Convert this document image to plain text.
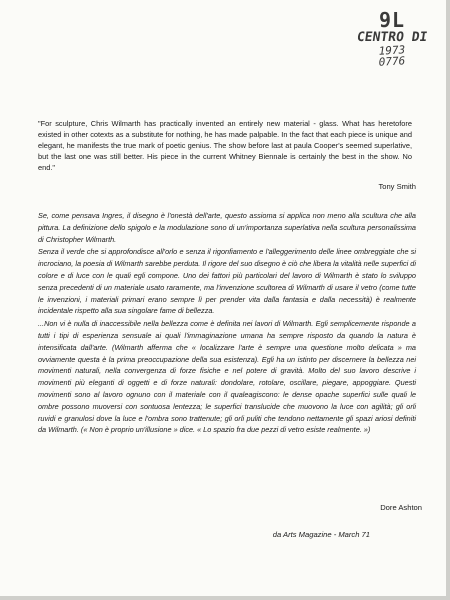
9L
CENTRO DI
1973
0776
"For sculpture, Chris Wilmarth has practically invented an entirely new material - glass. What has heretofore existed in other cotexts as a substitute for nothing, he has made palpable. In the fact that each piece is unique and elegant, he manifests the true mark of poetic genius. The show before last at paula Cooper's seemed superlative, but the last one was still better. His piece in the current Whitney Biennale is certainly the best in the show. No end."
Tony Smith

Se, come pensava Ingres, il disegno è l'onestà dell'arte, questo assioma si applica non meno alla scultura che alla pittura. La definizione dello spigolo e la modulazione sono di un'importanza superlativa nella scultura personalissima di Christopher Wilmarth.

Senza il verde che si approfondisce all'orlo e senza il rigonfiamento e l'alleggerimento delle linee ombreggiate che si incrociano, la poesia di Wilmarth sarebbe perduta. Il rigore del suo disegno è ciò che libera la vitalità nelle superfici di colore e di luce con le quali egli compone. Uno dei fattori più particolari del lavoro di Wilmarth è stato lo sviluppo senza precedenti di un materiale usato raramente, ma l'invenzione scultorea di Wilmarth di usare il vetro (come tutte le invenzioni, i materiali primari erano sempre lì per prender vita dalla fantasia e dalla necessità) è realmente incidentale rispetto alla sua singolare fame di bellezza.

...Non vi è nulla di inaccessibile nella bellezza come è definita nei lavori di Wilmarth. Egli semplicemente risponde a tutti i tipi di esperienza sensuale ai quali l'immaginazione umana ha sempre risposto da quando la natura è intensificata dall'arte. (Wilmarth afferma che « localizzare l'arte è sempre una questione molto delicata » ma ovviamente questa è la prima preoccupazione della sua esistenza). Egli ha un istinto per discernere la bellezza nei movimenti naturali, nella convergenza di forze fisiche e nel potere di gravità. Molto del suo lavoro descrive i movimenti più eleganti di oggetti e di forze naturali: dondolare, rotolare, oscillare, piegare, appoggiare. Questi movimenti sono al lavoro ognuno con il materiale con il qualeagiscono: le dense opache superfici sulle quali le ombre possono muoversi con sontuosa lentezza; le superfici translucide che muovono la luce con agilità; gli orli ruvidi e granulosi dove la luce e l'ombra sono trattenute; gli orli puliti che tendono nettamente gli spazi ariosi definiti da Wilmarth. (« Non è proprio un'illusione » dice. « Lo spazio fra due pezzi di vetro esiste realmente. »)

Dore Ashton
da Arts Magazine - March 71
